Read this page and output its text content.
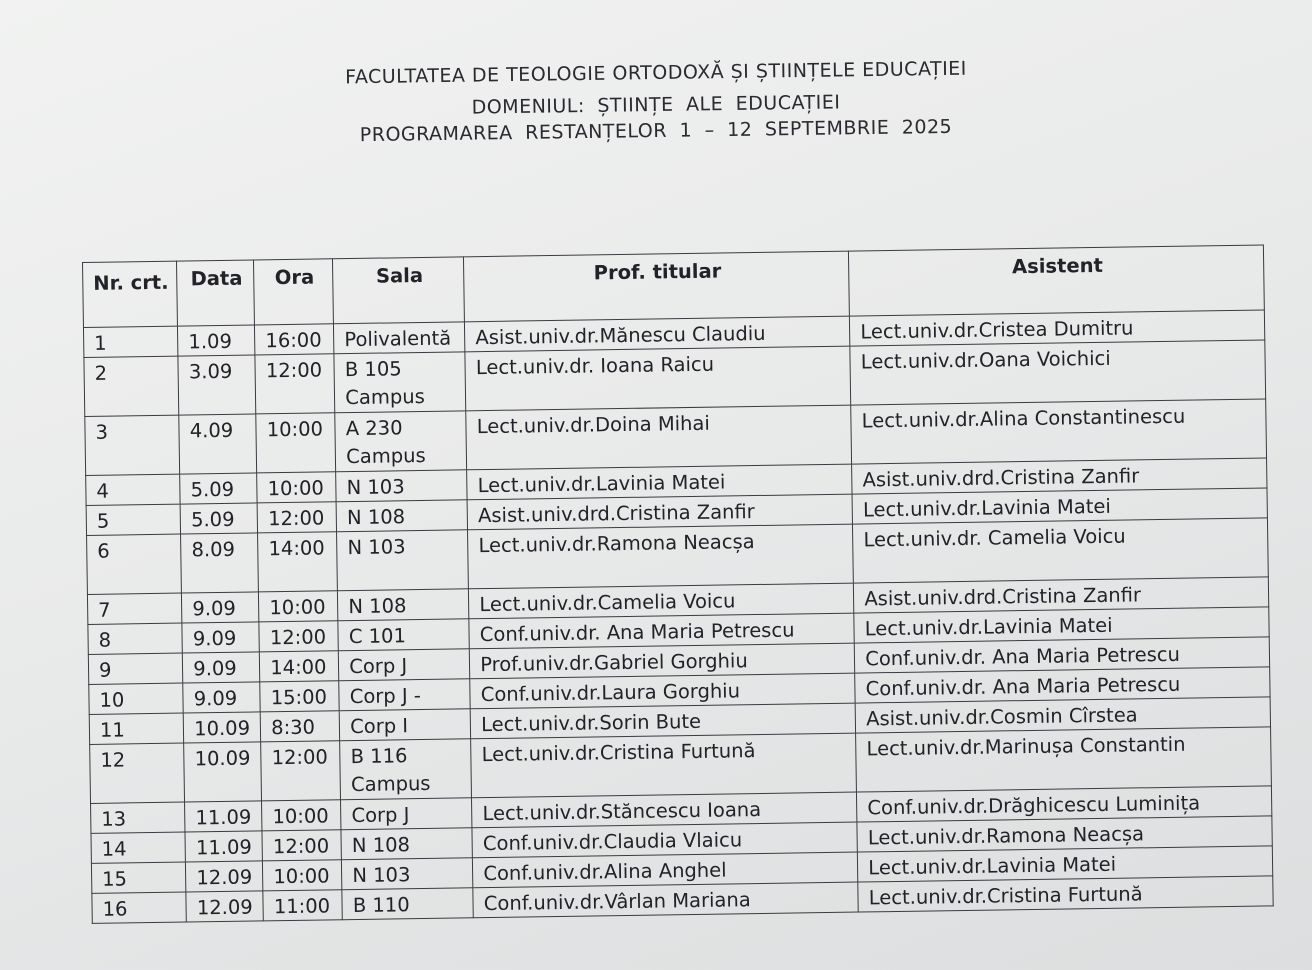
FACULTATEA DE TEOLOGIE ORTODOXĂ ȘI ȘTIINȚELE EDUCAȚIEI
DOMENIUL: ȘTIINȚE ALE EDUCAȚIEI
PROGRAMAREA RESTANȚELOR 1 – 12 SEPTEMBRIE 2025
Nr. crt.	Data	Ora	Sala	Prof. titular	Asistent
1	1.09	16:00	Polivalentă	Asist.univ.dr.Mănescu Claudiu	Lect.univ.dr.Cristea Dumitru
2	3.09	12:00	B 105 Campus	Lect.univ.dr. Ioana Raicu	Lect.univ.dr.Oana Voichici
3	4.09	10:00	A 230 Campus	Lect.univ.dr.Doina Mihai	Lect.univ.dr.Alina Constantinescu
4	5.09	10:00	N 103	Lect.univ.dr.Lavinia Matei	Asist.univ.drd.Cristina Zanfir
5	5.09	12:00	N 108	Asist.univ.drd.Cristina Zanfir	Lect.univ.dr.Lavinia Matei
6	8.09	14:00	N 103	Lect.univ.dr.Ramona Neacșa	Lect.univ.dr. Camelia Voicu
7	9.09	10:00	N 108	Lect.univ.dr.Camelia Voicu	Asist.univ.drd.Cristina Zanfir
8	9.09	12:00	C 101	Conf.univ.dr. Ana Maria Petrescu	Lect.univ.dr.Lavinia Matei
9	9.09	14:00	Corp J	Prof.univ.dr.Gabriel Gorghiu	Conf.univ.dr. Ana Maria Petrescu
10	9.09	15:00	Corp J -	Conf.univ.dr.Laura Gorghiu	Conf.univ.dr. Ana Maria Petrescu
11	10.09	8:30	Corp I	Lect.univ.dr.Sorin Bute	Asist.univ.dr.Cosmin Cîrstea
12	10.09	12:00	B 116 Campus	Lect.univ.dr.Cristina Furtună	Lect.univ.dr.Marinușa Constantin
13	11.09	10:00	Corp J	Lect.univ.dr.Stăncescu Ioana	Conf.univ.dr.Drăghicescu Luminița
14	11.09	12:00	N 108	Conf.univ.dr.Claudia Vlaicu	Lect.univ.dr.Ramona Neacșa
15	12.09	10:00	N 103	Conf.univ.dr.Alina Anghel	Lect.univ.dr.Lavinia Matei
16	12.09	11:00	B 110	Conf.univ.dr.Vârlan Mariana	Lect.univ.dr.Cristina Furtună
